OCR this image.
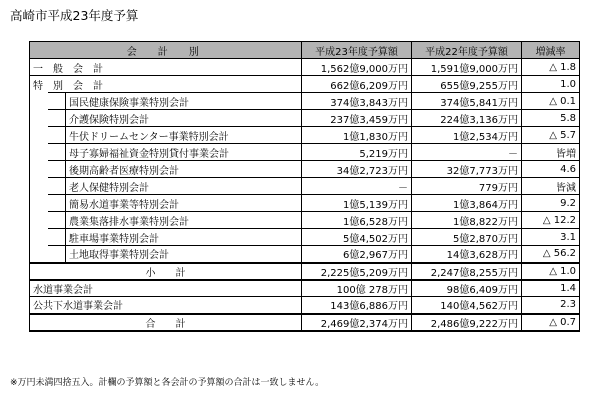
高崎市平成23年度予算
会　計　別			平成23年度予算額	平成22年度予算額	増減率
一　般　会　計			1,562億9,000万円	1,591億9,000万円	△ 1.8
特　別　会　計			662億6,209万円	655億9,255万円	1.0
		国民健康保険事業特別会計	374億3,843万円	374億5,841万円	△ 0.1
		介護保険特別会計	237億3,459万円	224億3,136万円	5.8
		牛伏ドリームセンター事業特別会計	1億1,830万円	1億2,534万円	△ 5.7
		母子寡婦福祉資金特別貸付事業会計	5,219万円	－	皆増
		後期高齢者医療特別会計	34億2,723万円	32億7,773万円	4.6
		老人保健特別会計	－	779万円	皆減
		簡易水道事業等特別会計	1億5,139万円	1億3,864万円	9.2
		農業集落排水事業特別会計	1億6,528万円	1億8,822万円	△ 12.2
		駐車場事業特別会計	5億4,502万円	5億2,870万円	3.1
		土地取得事業特別会計	6億2,967万円	14億3,628万円	△ 56.2
小　　計			2,225億5,209万円	2,247億8,255万円	△ 1.0
水道事業会計			100億 278万円	98億6,409万円	1.4
公共下水道事業会計			143億6,886万円	140億4,562万円	2.3
合　　計			2,469億2,374万円	2,486億9,222万円	△ 0.7
※万円未満四捨五入。計欄の予算額と各会計の予算額の合計は一致しません。
